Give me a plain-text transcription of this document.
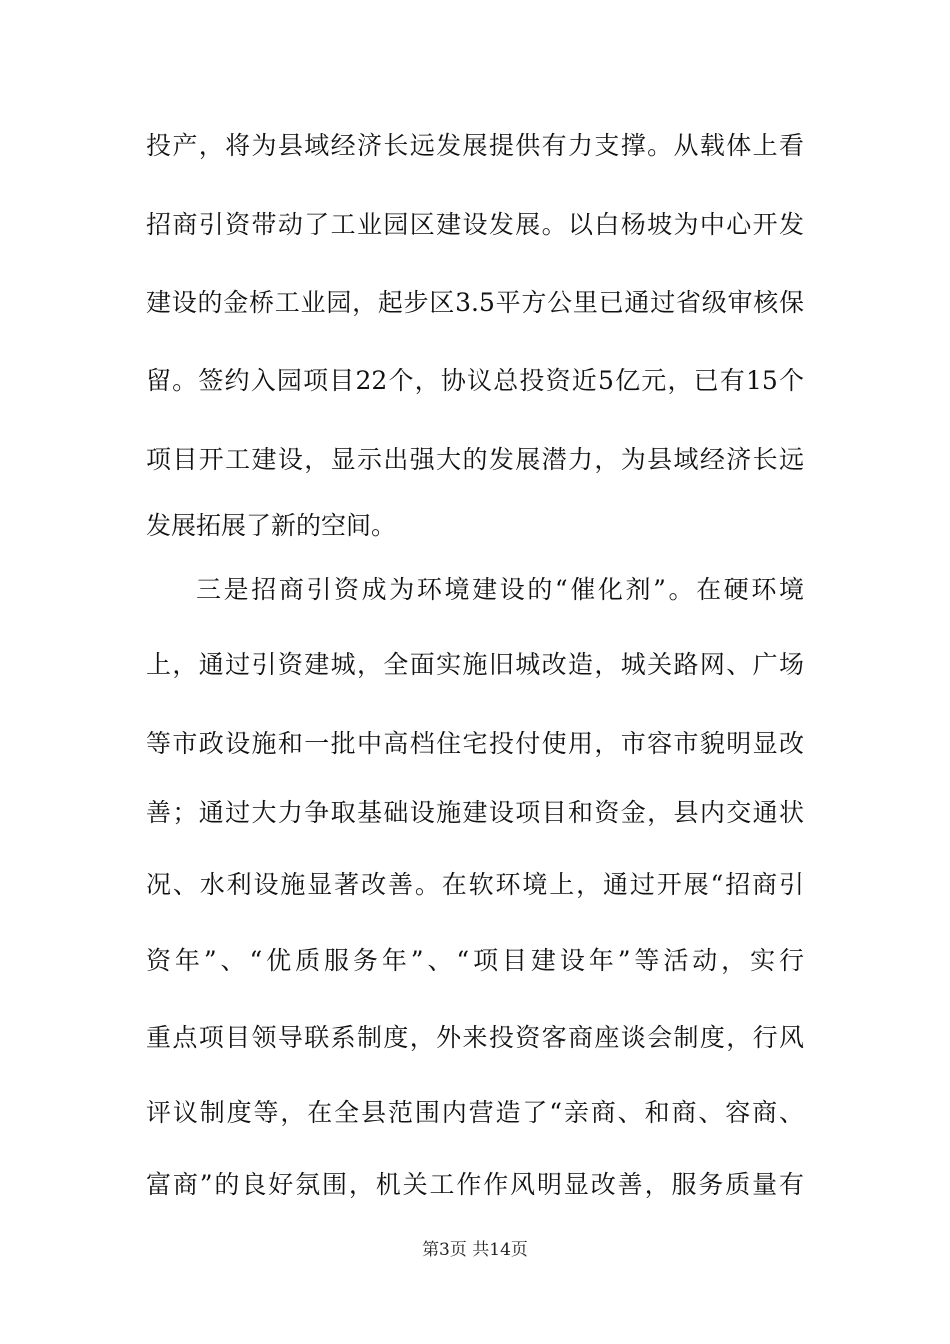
投产，将为县域经济长远发展提供有力支撑。从载体上看
招商引资带动了工业园区建设发展。以白杨坡为中心开发
建设的金桥工业园，起步区3.5平方公里已通过省级审核保
留。签约入园项目22个，协议总投资近5亿元，已有15个
项目开工建设，显示出强大的发展潜力，为县域经济长远
发展拓展了新的空间。
三是招商引资成为环境建设的“催化剂”。在硬环境
上，通过引资建城，全面实施旧城改造，城关路网、广场
等市政设施和一批中高档住宅投付使用，市容市貌明显改
善；通过大力争取基础设施建设项目和资金，县内交通状
况、水利设施显著改善。在软环境上，通过开展“招商引
资年”、“优质服务年”、“项目建设年”等活动，实行
重点项目领导联系制度，外来投资客商座谈会制度，行风
评议制度等，在全县范围内营造了“亲商、和商、容商、
富商”的良好氛围，机关工作作风明显改善，服务质量有
第3页 共14页
